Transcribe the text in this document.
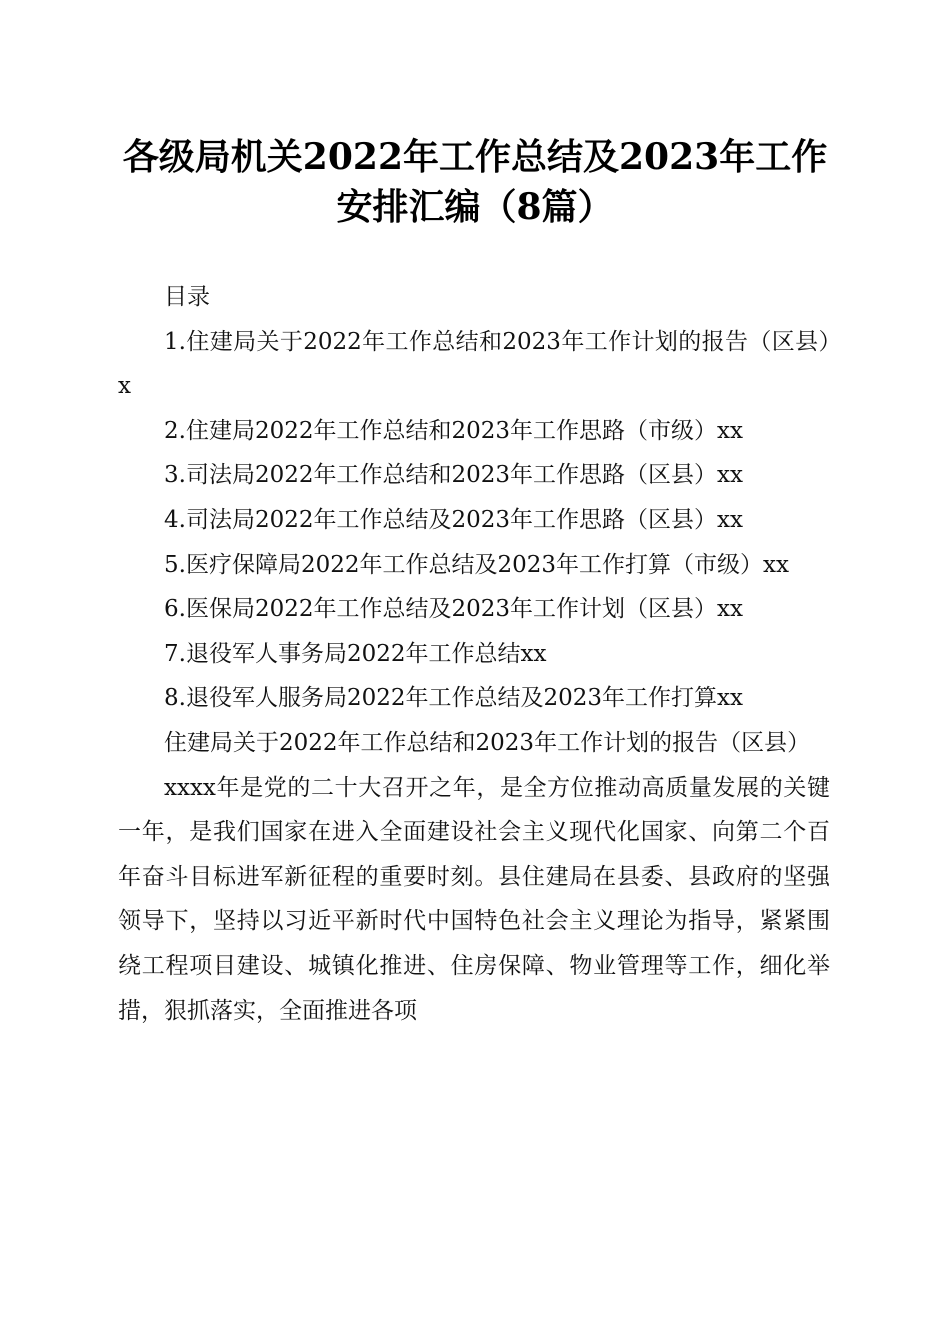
各级局机关2022年工作总结及2023年工作安排汇编（8篇）

目录

1.住建局关于2022年工作总结和2023年工作计划的报告（区县）x

2.住建局2022年工作总结和2023年工作思路（市级）xx

3.司法局2022年工作总结和2023年工作思路（区县）xx

4.司法局2022年工作总结及2023年工作思路（区县）xx

5.医疗保障局2022年工作总结及2023年工作打算（市级）xx

6.医保局2022年工作总结及2023年工作计划（区县）xx

7.退役军人事务局2022年工作总结xx

8.退役军人服务局2022年工作总结及2023年工作打算xx

住建局关于2022年工作总结和2023年工作计划的报告（区县）

xxxx年是党的二十大召开之年，是全方位推动高质量发展的关键一年，是我们国家在进入全面建设社会主义现代化国家、向第二个百年奋斗目标进军新征程的重要时刻。县住建局在县委、县政府的坚强领导下，坚持以习近平新时代中国特色社会主义理论为指导，紧紧围绕工程项目建设、城镇化推进、住房保障、物业管理等工作，细化举措，狠抓落实，全面推进各项
